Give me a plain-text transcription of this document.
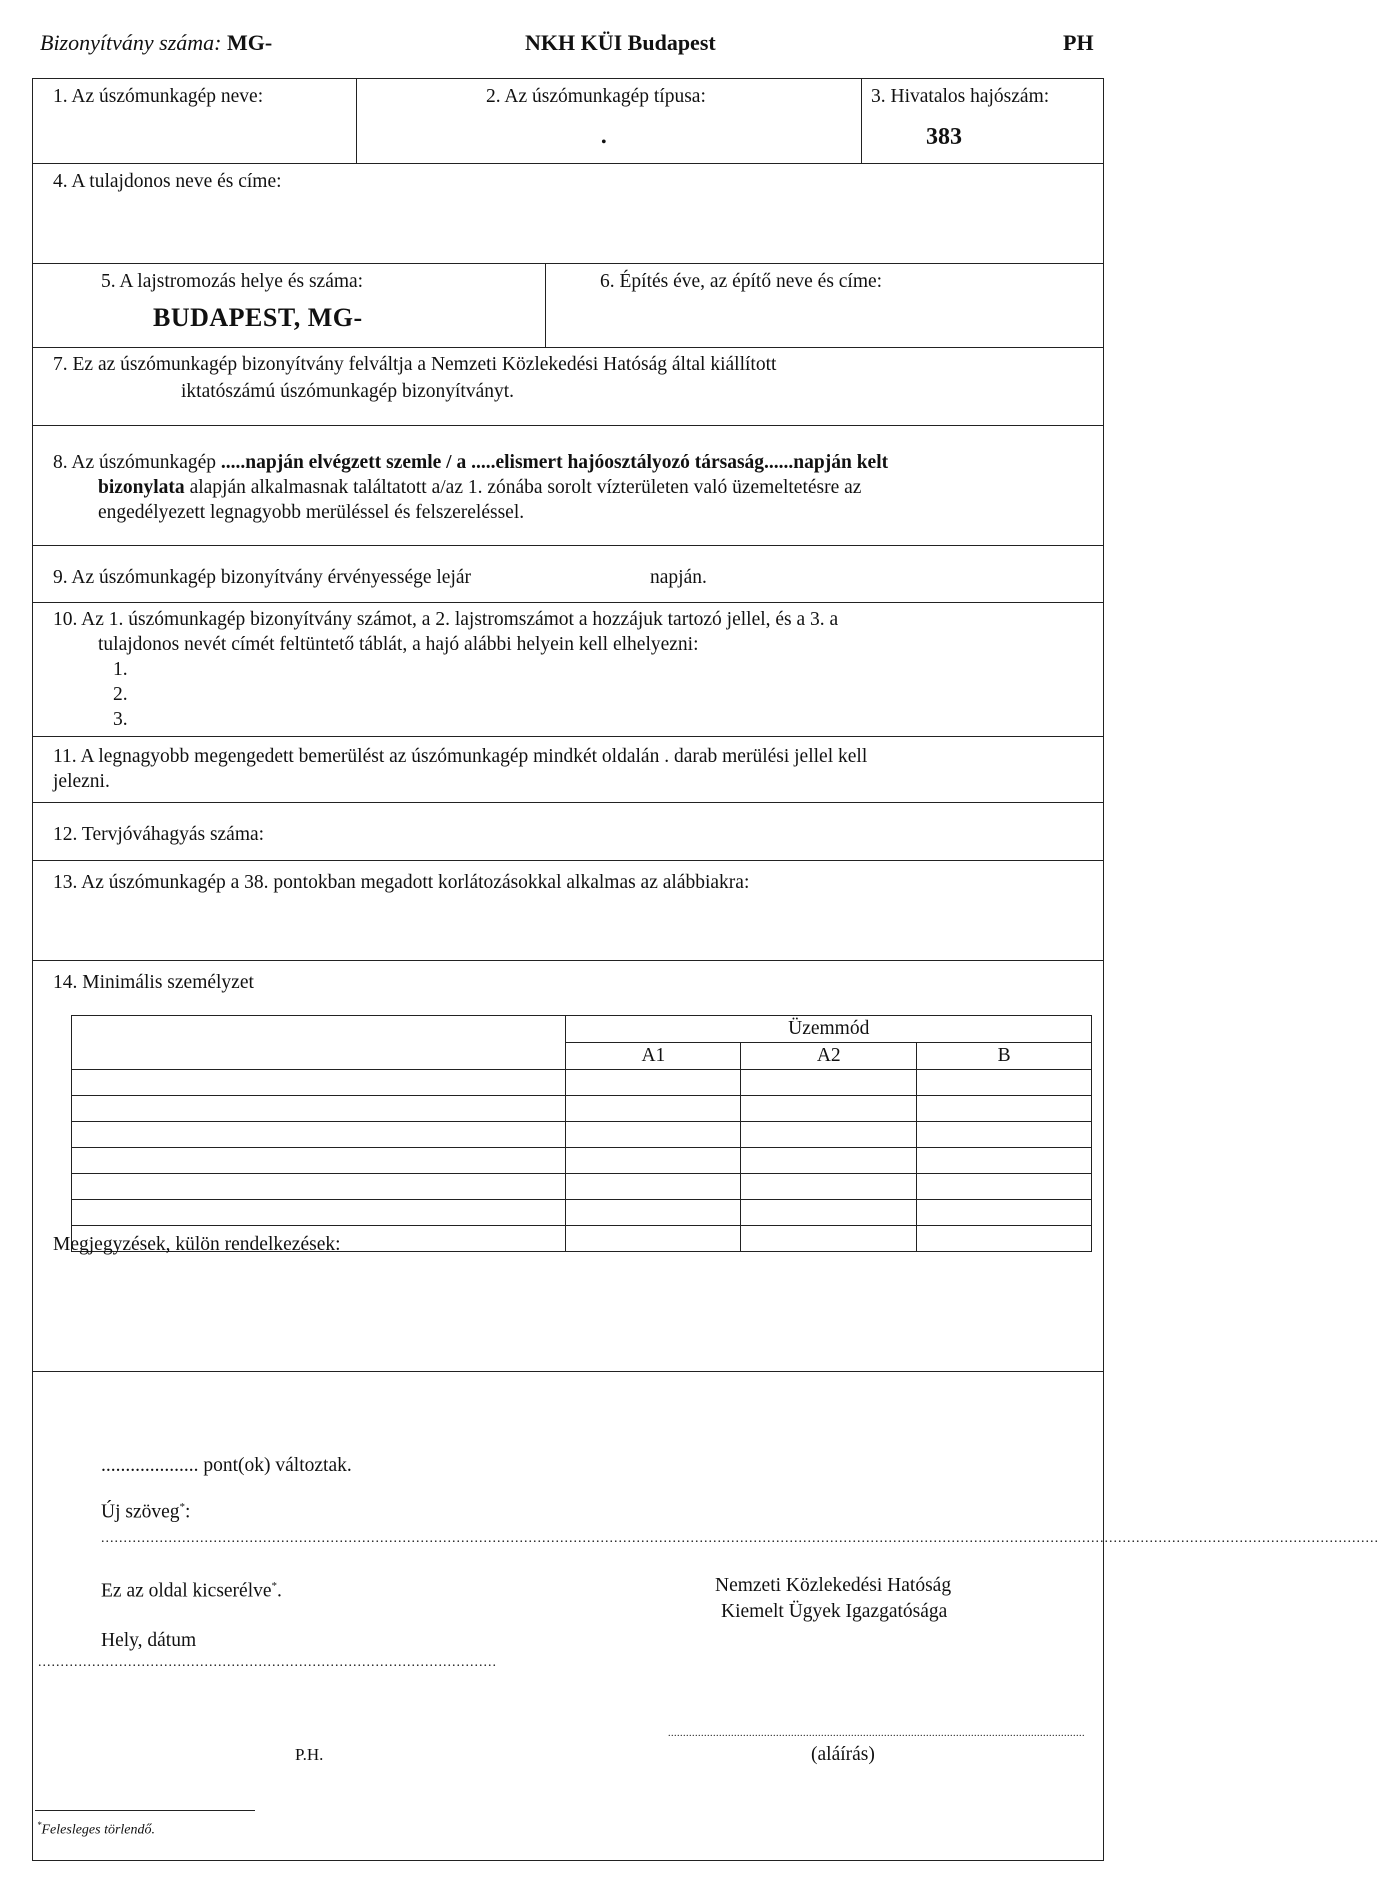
Bizonyítvány száma: MG-	NKH KÜI Budapest	PH
1. Az úszómunkagép neve:	2. Az úszómunkagép típusa:
•
3. Hivatalos hajószám:
383
4. A tulajdonos neve és címe:
5. A lajstromozás helye és száma:
BUDAPEST, MG-
6. Építés éve, az építő neve és címe:
7. Ez az úszómunkagép bizonyítvány felváltja a Nemzeti Közlekedési Hatóság által kiállított
iktatószámú úszómunkagép bizonyítványt.
8. Az úszómunkagép .....napján elvégzett szemle / a .....elismert hajóosztályozó társaság......napján kelt
bizonylata alapján alkalmasnak találtatott a/az 1. zónába sorolt vízterületen való üzemeltetésre az
engedélyezett legnagyobb merüléssel és felszereléssel.
9. Az úszómunkagép bizonyítvány érvényessége lejár	napján.
10. Az 1. úszómunkagép bizonyítvány számot, a 2. lajstromszámot a hozzájuk tartozó jellel, és a 3. a
tulajdonos nevét címét feltüntető táblát, a hajó alábbi helyein kell elhelyezni:
1.
2.
3.
11. A legnagyobb megengedett bemerülést az úszómunkagép mindkét oldalán . darab merülési jellel kell
jelezni.
12. Tervjóváhagyás száma:
13. Az úszómunkagép a 38. pontokban megadott korlátozásokkal alkalmas az alábbiakra:
14. Minimális személyzet
	Üzemmód		
	A1	A2	B

Megjegyzések, külön rendelkezések:
.................... pont(ok) változtak.
Új szöveg*:
............................................................................................................................................................................................................................................................................................
Ez az oldal kicserélve*.	Nemzeti Közlekedési Hatóság
Kiemelt Ügyek Igazgatósága
Hely, dátum
......................................................................................................
...........................................................................................................................................
P.H.	(aláírás)
*Felesleges törlendő.
